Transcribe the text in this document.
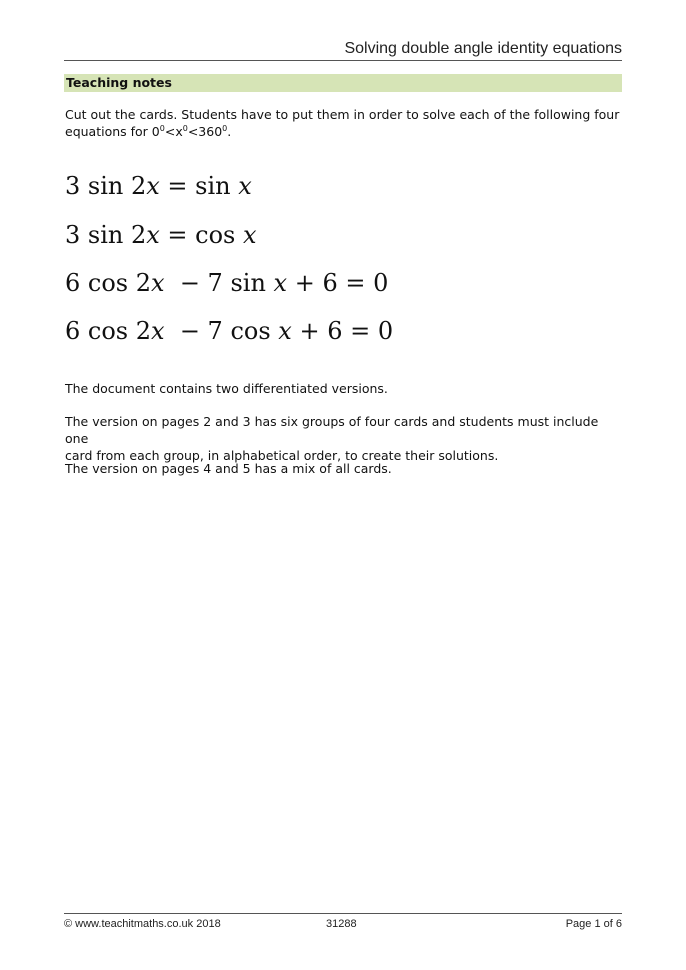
Solving double angle identity equations
Teaching notes

Cut out the cards. Students have to put them in order to solve each of the following four
equations for $0^0<x^0<360^0$.

3 sin 2x = sin x
3 sin 2x = cos x
6 cos 2x  − 7 sin x + 6 = 0
6 cos 2x  − 7 cos x + 6 = 0

The document contains two differentiated versions.

The version on pages 2 and 3 has six groups of four cards and students must include one
card from each group, in alphabetical order, to create their solutions.

The version on pages 4 and 5 has a mix of all cards.

© www.teachitmaths.co.uk 2018	31288	Page 1 of 6
